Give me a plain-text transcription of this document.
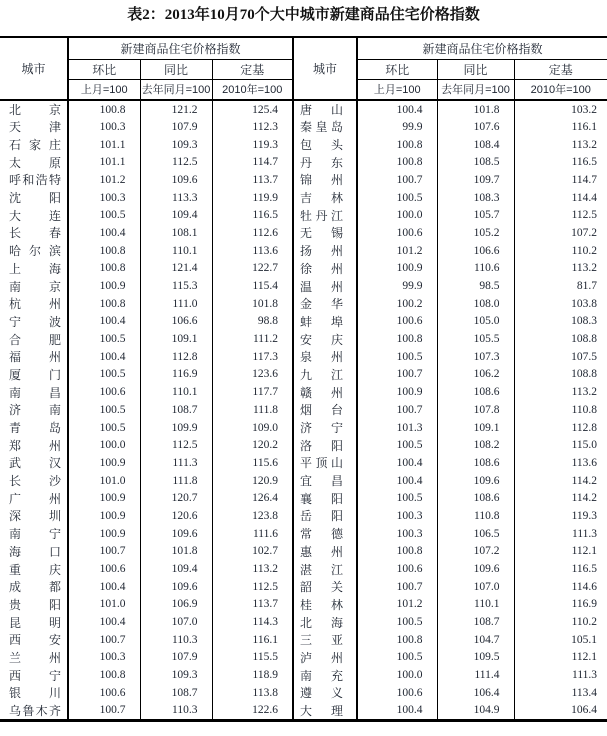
表2：2013年10月70个大中城市新建商品住宅价格指数
城市	新建商品住宅价格指数			城市	新建商品住宅价格指数		
	环比	同比	定基		环比	同比	定基
	上月=100	去年同月=100	2010年=100		上月=100	去年同月=100	2010年=100
北京	100.8	121.2	125.4	唐山	100.4	101.8	103.2
天津	100.3	107.9	112.3	秦皇岛	99.9	107.6	116.1
石家庄	101.1	109.3	119.3	包头	100.8	108.4	113.2
太原	101.1	112.5	114.7	丹东	100.8	108.5	116.5
呼和浩特	101.2	109.6	113.7	锦州	100.7	109.7	114.7
沈阳	100.3	113.3	119.9	吉林	100.5	108.3	114.4
大连	100.5	109.4	116.5	牡丹江	100.0	105.7	112.5
长春	100.4	108.1	112.6	无锡	100.6	105.2	107.2
哈尔滨	100.8	110.1	113.6	扬州	101.2	106.6	110.2
上海	100.8	121.4	122.7	徐州	100.9	110.6	113.2
南京	100.9	115.3	115.4	温州	99.9	98.5	81.7
杭州	100.8	111.0	101.8	金华	100.2	108.0	103.8
宁波	100.4	106.6	98.8	蚌埠	100.6	105.0	108.3
合肥	100.5	109.1	111.2	安庆	100.8	105.5	108.8
福州	100.4	112.8	117.3	泉州	100.5	107.3	107.5
厦门	100.5	116.9	123.6	九江	100.7	106.2	108.8
南昌	100.6	110.1	117.7	赣州	100.9	108.6	113.2
济南	100.5	108.7	111.8	烟台	100.7	107.8	110.8
青岛	100.5	109.9	109.0	济宁	101.3	109.1	112.8
郑州	100.0	112.5	120.2	洛阳	100.5	108.2	115.0
武汉	100.9	111.3	115.6	平顶山	100.4	108.6	113.6
长沙	101.0	111.8	120.9	宜昌	100.4	109.6	114.2
广州	100.9	120.7	126.4	襄阳	100.5	108.6	114.2
深圳	100.9	120.6	123.8	岳阳	100.3	110.8	119.3
南宁	100.9	109.6	111.6	常德	100.3	106.5	111.3
海口	100.7	101.8	102.7	惠州	100.8	107.2	112.1
重庆	100.6	109.4	113.2	湛江	100.6	109.6	116.5
成都	100.4	109.6	112.5	韶关	100.7	107.0	114.6
贵阳	101.0	106.9	113.7	桂林	101.2	110.1	116.9
昆明	100.4	107.0	114.3	北海	100.5	108.7	110.2
西安	100.7	110.3	116.1	三亚	100.8	104.7	105.1
兰州	100.3	107.9	115.5	泸州	100.5	109.5	112.1
西宁	100.8	109.3	118.9	南充	100.0	111.4	111.3
银川	100.6	108.7	113.8	遵义	100.6	106.4	113.4
乌鲁木齐	100.7	110.3	122.6	大理	100.4	104.9	106.4
